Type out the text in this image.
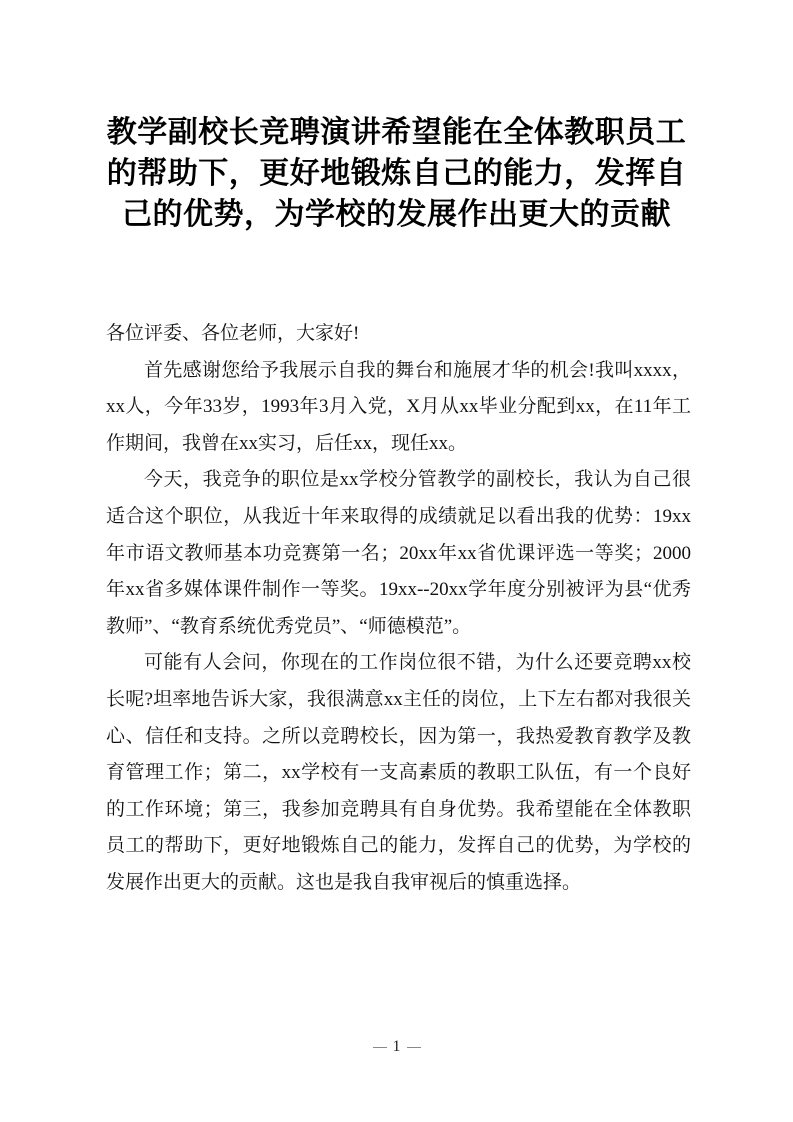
教学副校长竞聘演讲希望能在全体教职员工的帮助下，更好地锻炼自己的能力，发挥自己的优势，为学校的发展作出更大的贡献

各位评委、各位老师，大家好!

首先感谢您给予我展示自我的舞台和施展才华的机会!我叫xxxx，xx人，今年33岁，1993年3月入党，X月从xx毕业分配到xx，在11年工作期间，我曾在xx实习，后任xx，现任xx。

今天，我竞争的职位是xx学校分管教学的副校长，我认为自己很适合这个职位，从我近十年来取得的成绩就足以看出我的优势：19xx年市语文教师基本功竞赛第一名；20xx年xx省优课评选一等奖；2000年xx省多媒体课件制作一等奖。19xx--20xx学年度分别被评为县“优秀教师”、“教育系统优秀党员”、“师德模范”。

可能有人会问，你现在的工作岗位很不错，为什么还要竞聘xx校长呢?坦率地告诉大家，我很满意xx主任的岗位，上下左右都对我很关心、信任和支持。之所以竞聘校长，因为第一，我热爱教育教学及教育管理工作；第二，xx学校有一支高素质的教职工队伍，有一个良好的工作环境；第三，我参加竞聘具有自身优势。我希望能在全体教职员工的帮助下，更好地锻炼自己的能力，发挥自己的优势，为学校的发展作出更大的贡献。这也是我自我审视后的慎重选择。

1
